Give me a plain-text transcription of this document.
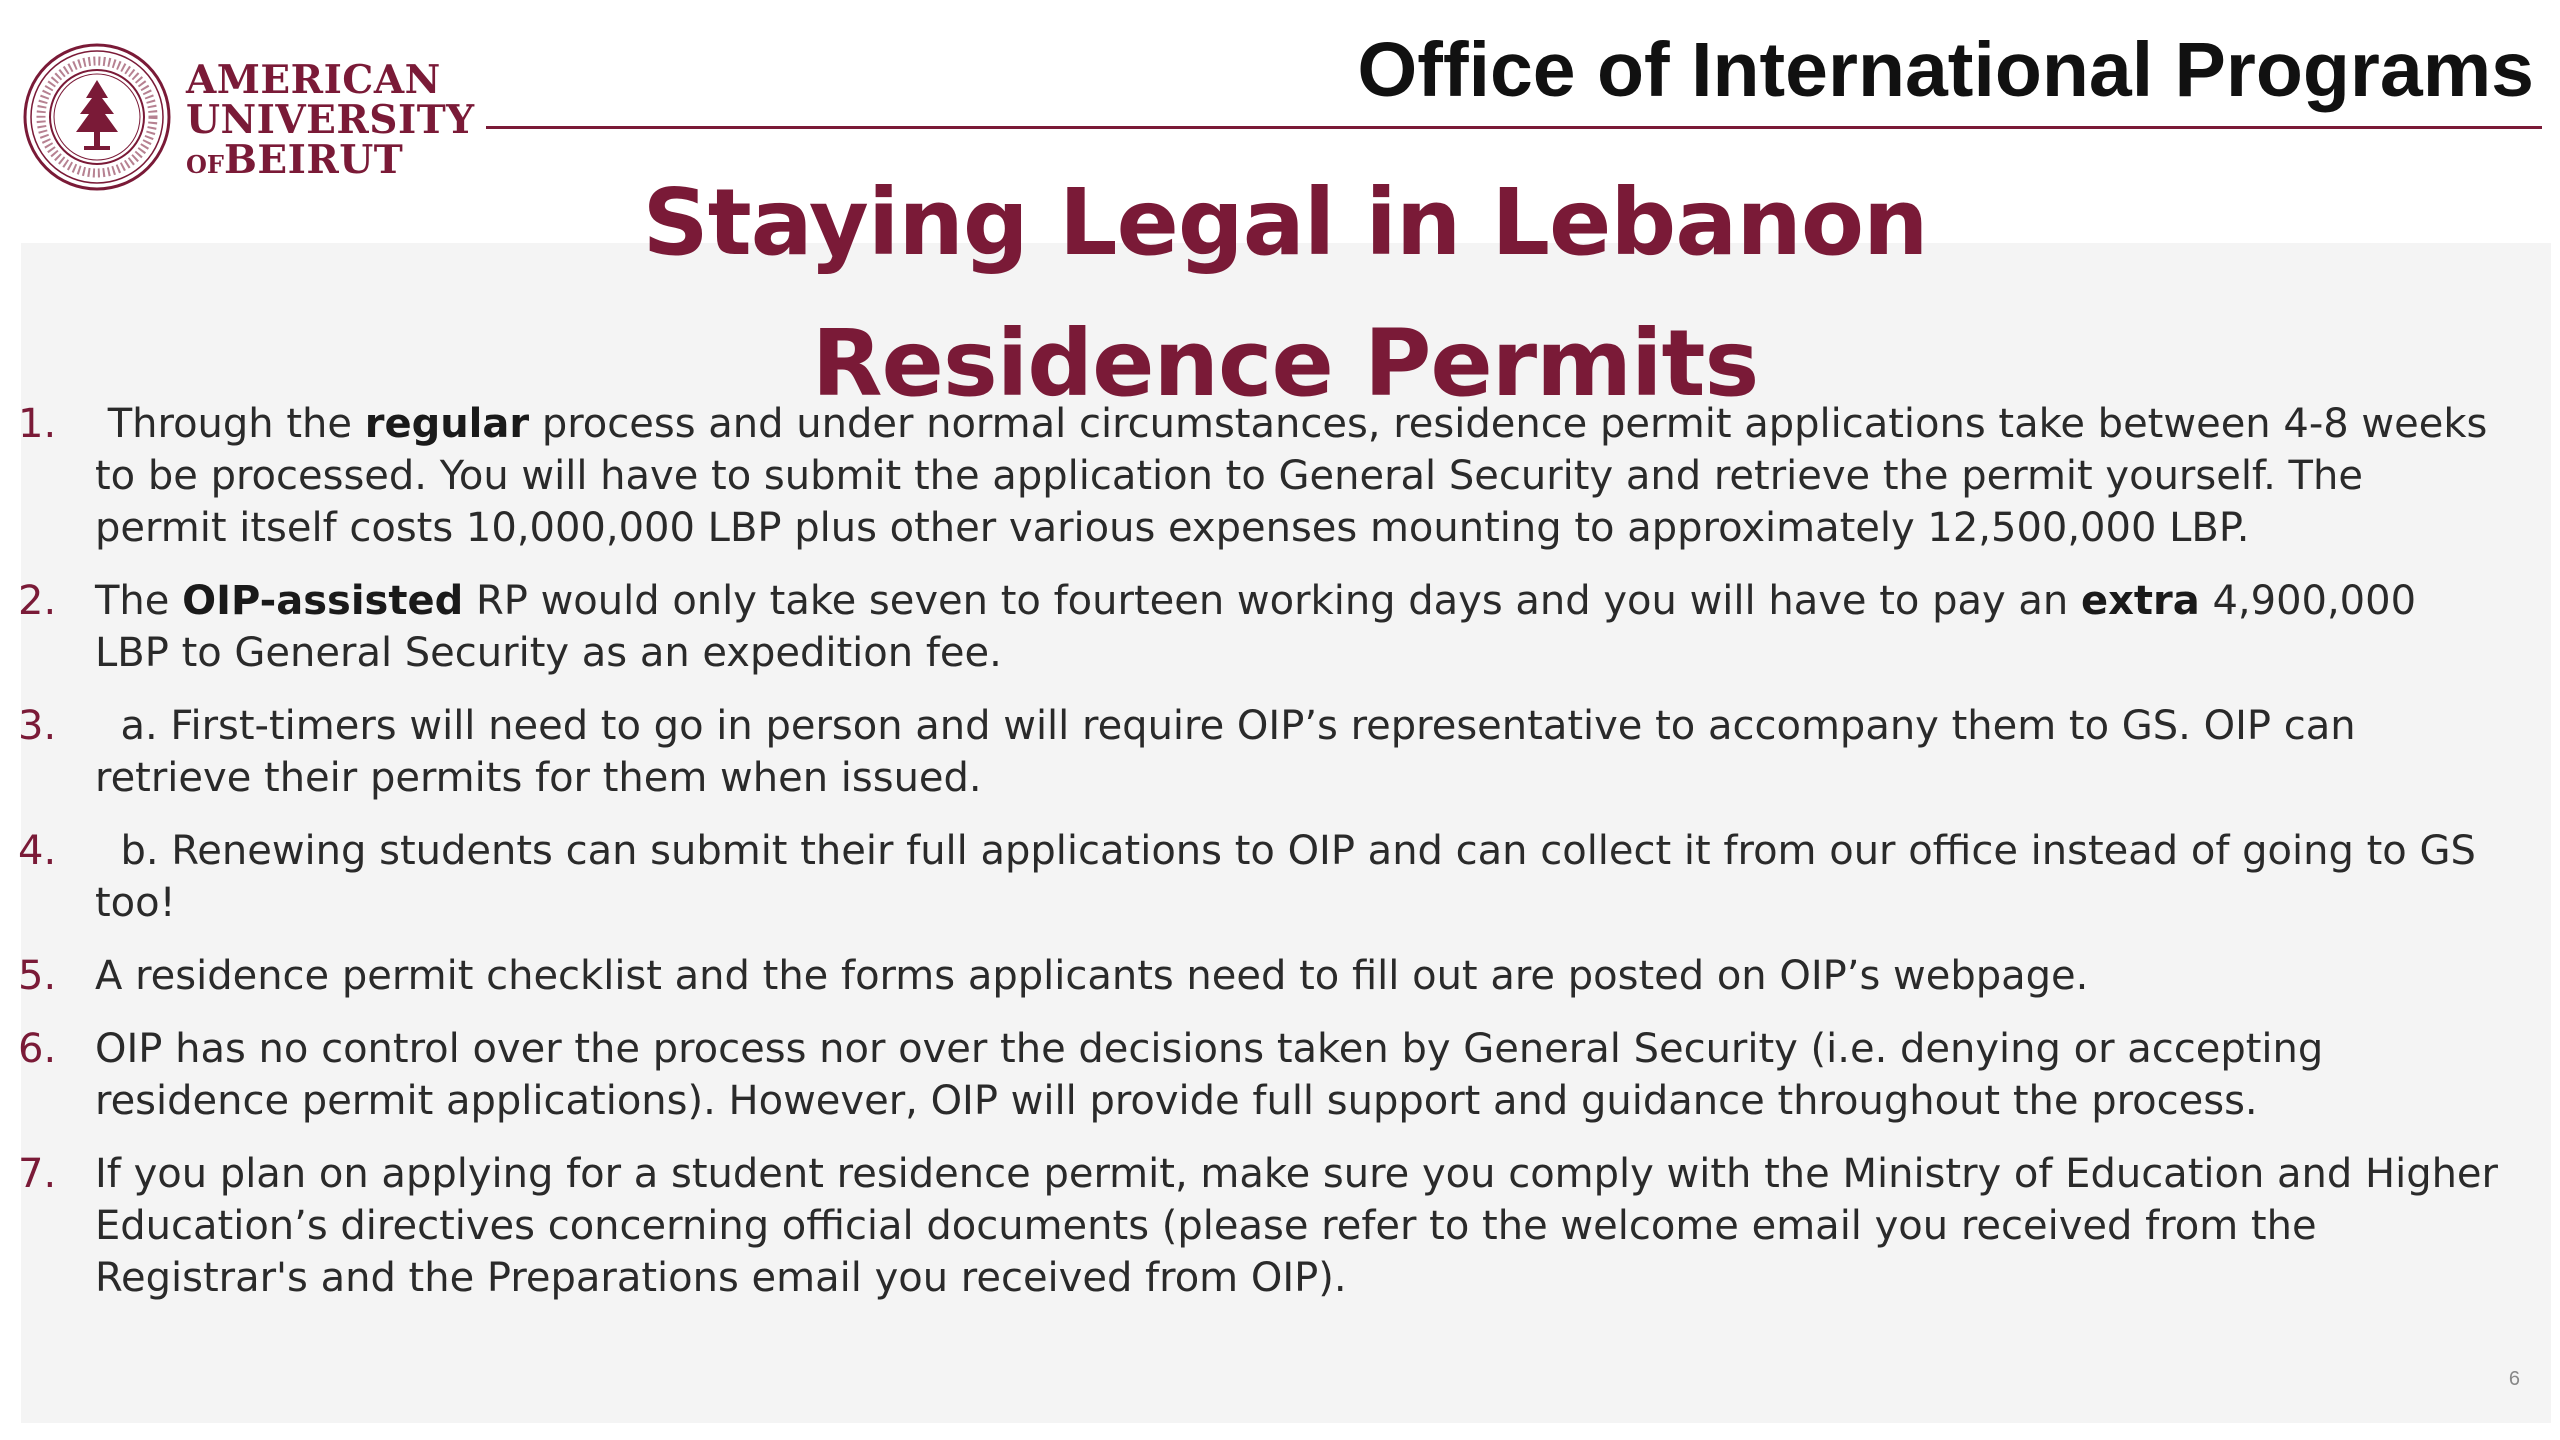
AMERICAN
UNIVERSITY
OFBEIRUT
Office of International Programs
Staying Legal in Lebanon
Residence Permits
1. Through the regular process and under normal circumstances, residence permit applications take between 4-8 weeks to be processed. You will have to submit the application to General Security and retrieve the permit yourself. The permit itself costs 10,000,000 LBP plus other various expenses mounting to approximately 12,500,000 LBP.
2. The OIP-assisted RP would only take seven to fourteen working days and you will have to pay an extra 4,900,000 LBP to General Security as an expedition fee.
3. a. First-timers will need to go in person and will require OIP’s representative to accompany them to GS. OIP can retrieve their permits for them when issued.
4. b. Renewing students can submit their full applications to OIP and can collect it from our office instead of going to GS too!
5. A residence permit checklist and the forms applicants need to fill out are posted on OIP’s webpage.
6. OIP has no control over the process nor over the decisions taken by General Security (i.e. denying or accepting residence permit applications). However, OIP will provide full support and guidance throughout the process.
7. If you plan on applying for a student residence permit, make sure you comply with the Ministry of Education and Higher Education’s directives concerning official documents (please refer to the welcome email you received from the Registrar's and the Preparations email you received from OIP).
6
